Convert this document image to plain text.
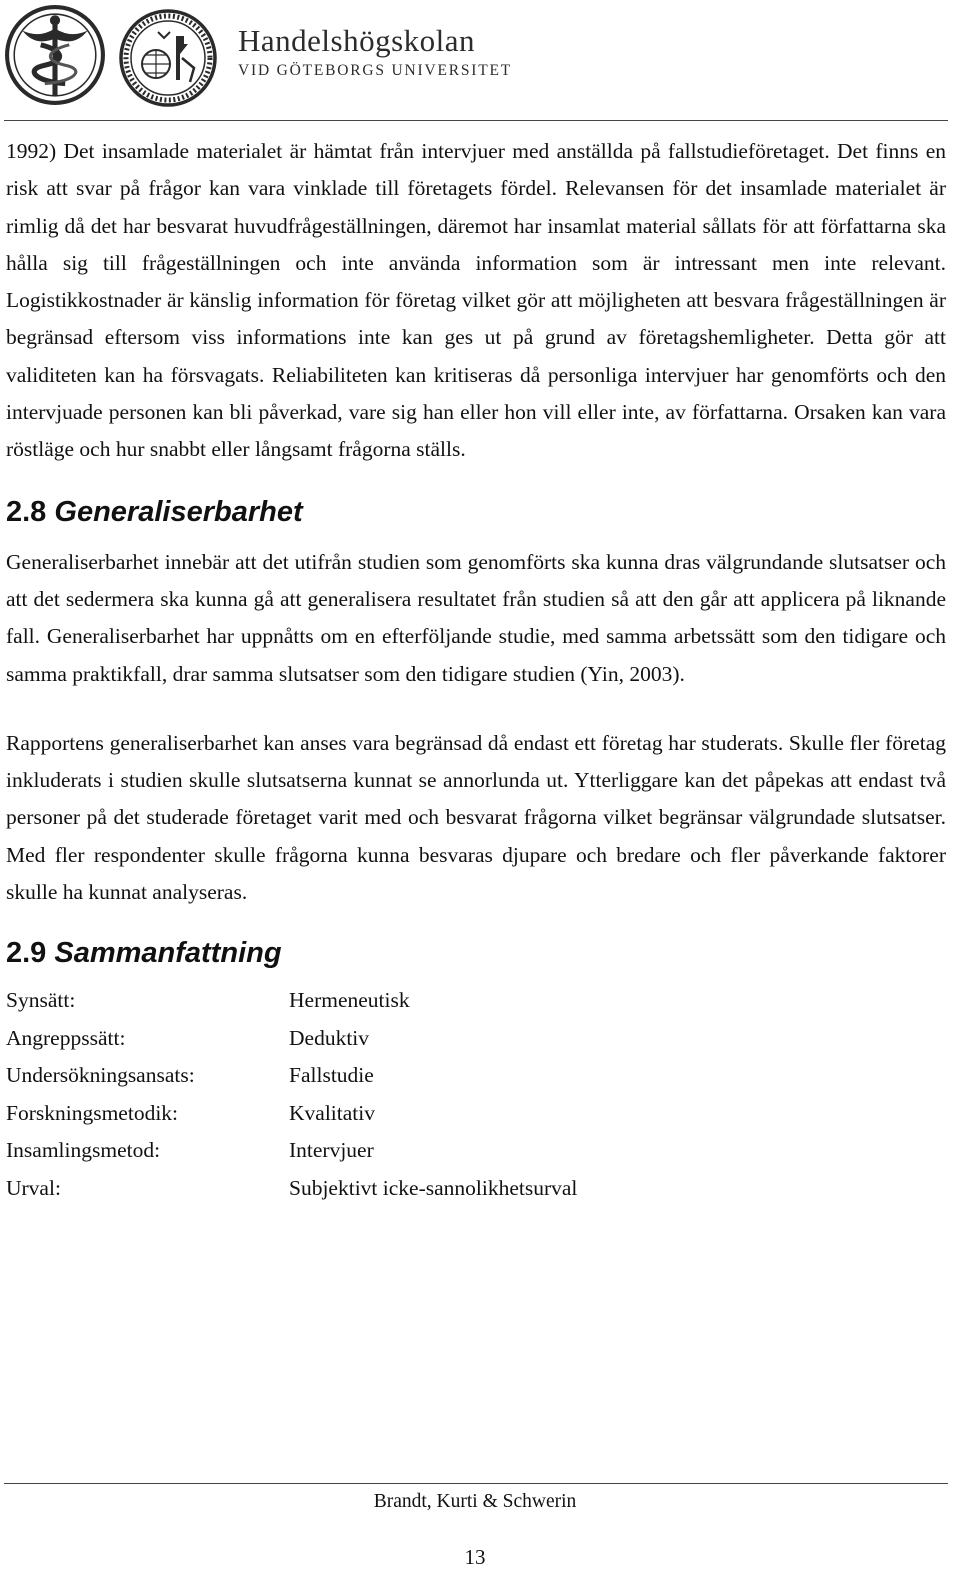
Handelshögskolan
VID GÖTEBORGS UNIVERSITET

1992) Det insamlade materialet är hämtat från intervjuer med anställda på fallstudieföretaget. Det finns en risk att svar på frågor kan vara vinklade till företagets fördel. Relevansen för det insamlade materialet är rimlig då det har besvarat huvudfrågeställningen, däremot har insamlat material sållats för att författarna ska hålla sig till frågeställningen och inte använda information som är intressant men inte relevant. Logistikkostnader är känslig information för företag vilket gör att möjligheten att besvara frågeställningen är begränsad eftersom viss informations inte kan ges ut på grund av företagshemligheter. Detta gör att validiteten kan ha försvagats. Reliabiliteten kan kritiseras då personliga intervjuer har genomförts och den intervjuade personen kan bli påverkad, vare sig han eller hon vill eller inte, av författarna. Orsaken kan vara röstläge och hur snabbt eller långsamt frågorna ställs.

2.8 Generaliserbarhet

Generaliserbarhet innebär att det utifrån studien som genomförts ska kunna dras välgrundande slutsatser och att det sedermera ska kunna gå att generalisera resultatet från studien så att den går att applicera på liknande fall. Generaliserbarhet har uppnåtts om en efterföljande studie, med samma arbetssätt som den tidigare och samma praktikfall, drar samma slutsatser som den tidigare studien (Yin, 2003).

Rapportens generaliserbarhet kan anses vara begränsad då endast ett företag har studerats. Skulle fler företag inkluderats i studien skulle slutsatserna kunnat se annorlunda ut. Ytterliggare kan det påpekas att endast två personer på det studerade företaget varit med och besvarat frågorna vilket begränsar välgrundade slutsatser. Med fler respondenter skulle frågorna kunna besvaras djupare och bredare och fler påverkande faktorer skulle ha kunnat analyseras.

2.9 Sammanfattning
Synsätt:	Hermeneutisk
Angreppssätt:	Deduktiv
Undersökningsansats:	Fallstudie
Forskningsmetodik:	Kvalitativ
Insamlingsmetod:	Intervjuer
Urval:	Subjektivt icke-sannolikhetsurval
Brandt, Kurti & Schwerin
13
